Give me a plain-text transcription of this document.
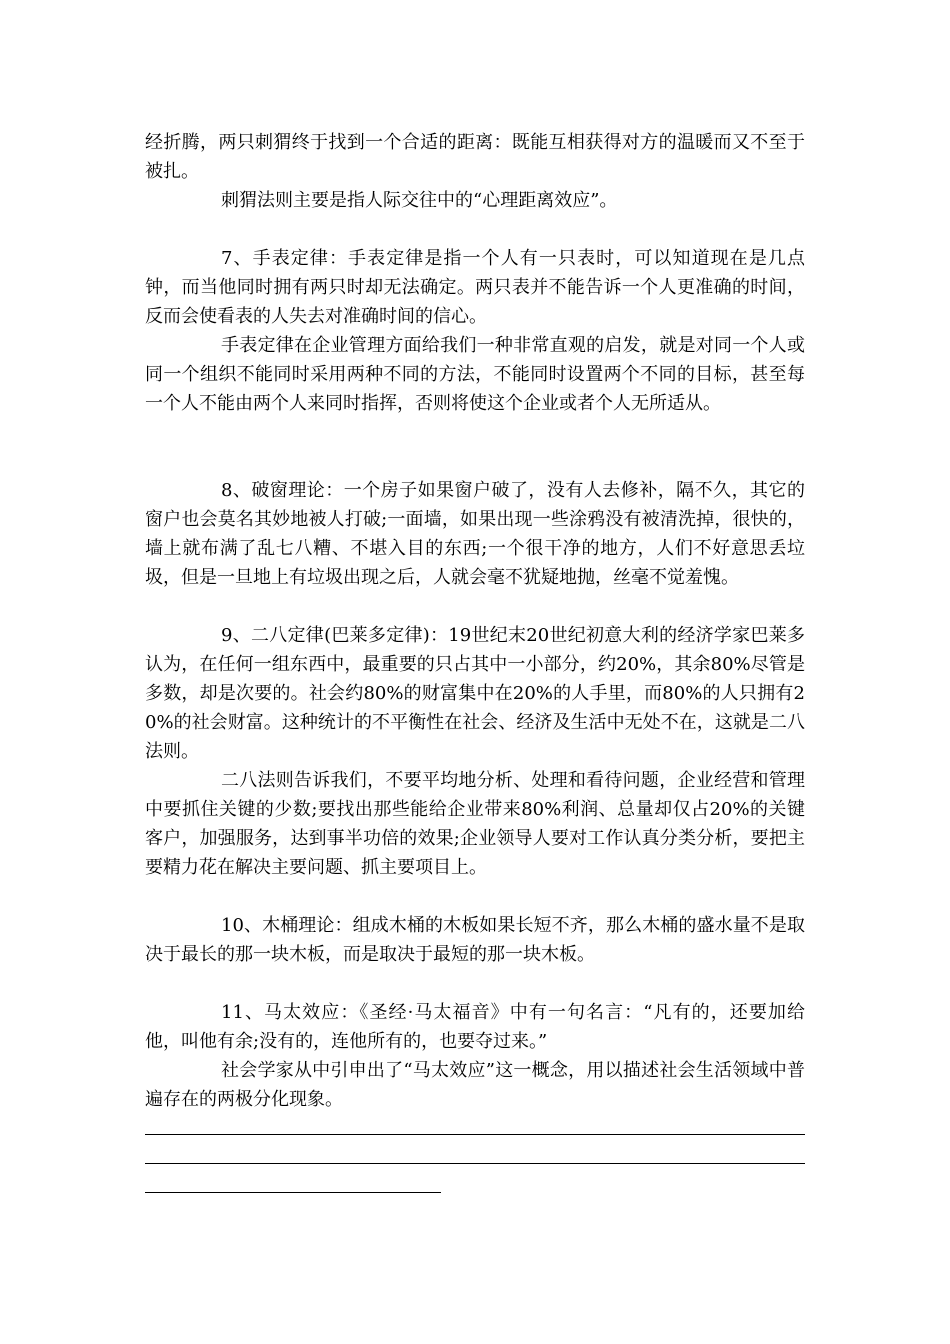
经折腾，两只刺猬终于找到一个合适的距离：既能互相获得对方的温暖而又不至于被扎。

刺猬法则主要是指人际交往中的“心理距离效应”。

7、手表定律：手表定律是指一个人有一只表时，可以知道现在是几点钟，而当他同时拥有两只时却无法确定。两只表并不能告诉一个人更准确的时间，反而会使看表的人失去对准确时间的信心。

手表定律在企业管理方面给我们一种非常直观的启发，就是对同一个人或同一个组织不能同时采用两种不同的方法，不能同时设置两个不同的目标，甚至每一个人不能由两个人来同时指挥，否则将使这个企业或者个人无所适从。

8、破窗理论：一个房子如果窗户破了，没有人去修补，隔不久，其它的窗户也会莫名其妙地被人打破;一面墙，如果出现一些涂鸦没有被清洗掉，很快的，墙上就布满了乱七八糟、不堪入目的东西;一个很干净的地方，人们不好意思丢垃圾，但是一旦地上有垃圾出现之后，人就会毫不犹疑地抛，丝毫不觉羞愧。

9、二八定律(巴莱多定律)：19世纪末20世纪初意大利的经济学家巴莱多认为，在任何一组东西中，最重要的只占其中一小部分，约20%，其余80%尽管是多数，却是次要的。社会约80%的财富集中在20%的人手里，而80%的人只拥有20%的社会财富。这种统计的不平衡性在社会、经济及生活中无处不在，这就是二八法则。

二八法则告诉我们，不要平均地分析、处理和看待问题，企业经营和管理中要抓住关键的少数;要找出那些能给企业带来80%利润、总量却仅占20%的关键客户，加强服务，达到事半功倍的效果;企业领导人要对工作认真分类分析，要把主要精力花在解决主要问题、抓主要项目上。

10、木桶理论：组成木桶的木板如果长短不齐，那么木桶的盛水量不是取决于最长的那一块木板，而是取决于最短的那一块木板。

11、马太效应：《圣经·马太福音》中有一句名言：“凡有的，还要加给他，叫他有余;没有的，连他所有的，也要夺过来。”

社会学家从中引申出了“马太效应”这一概念，用以描述社会生活领域中普遍存在的两极分化现象。
